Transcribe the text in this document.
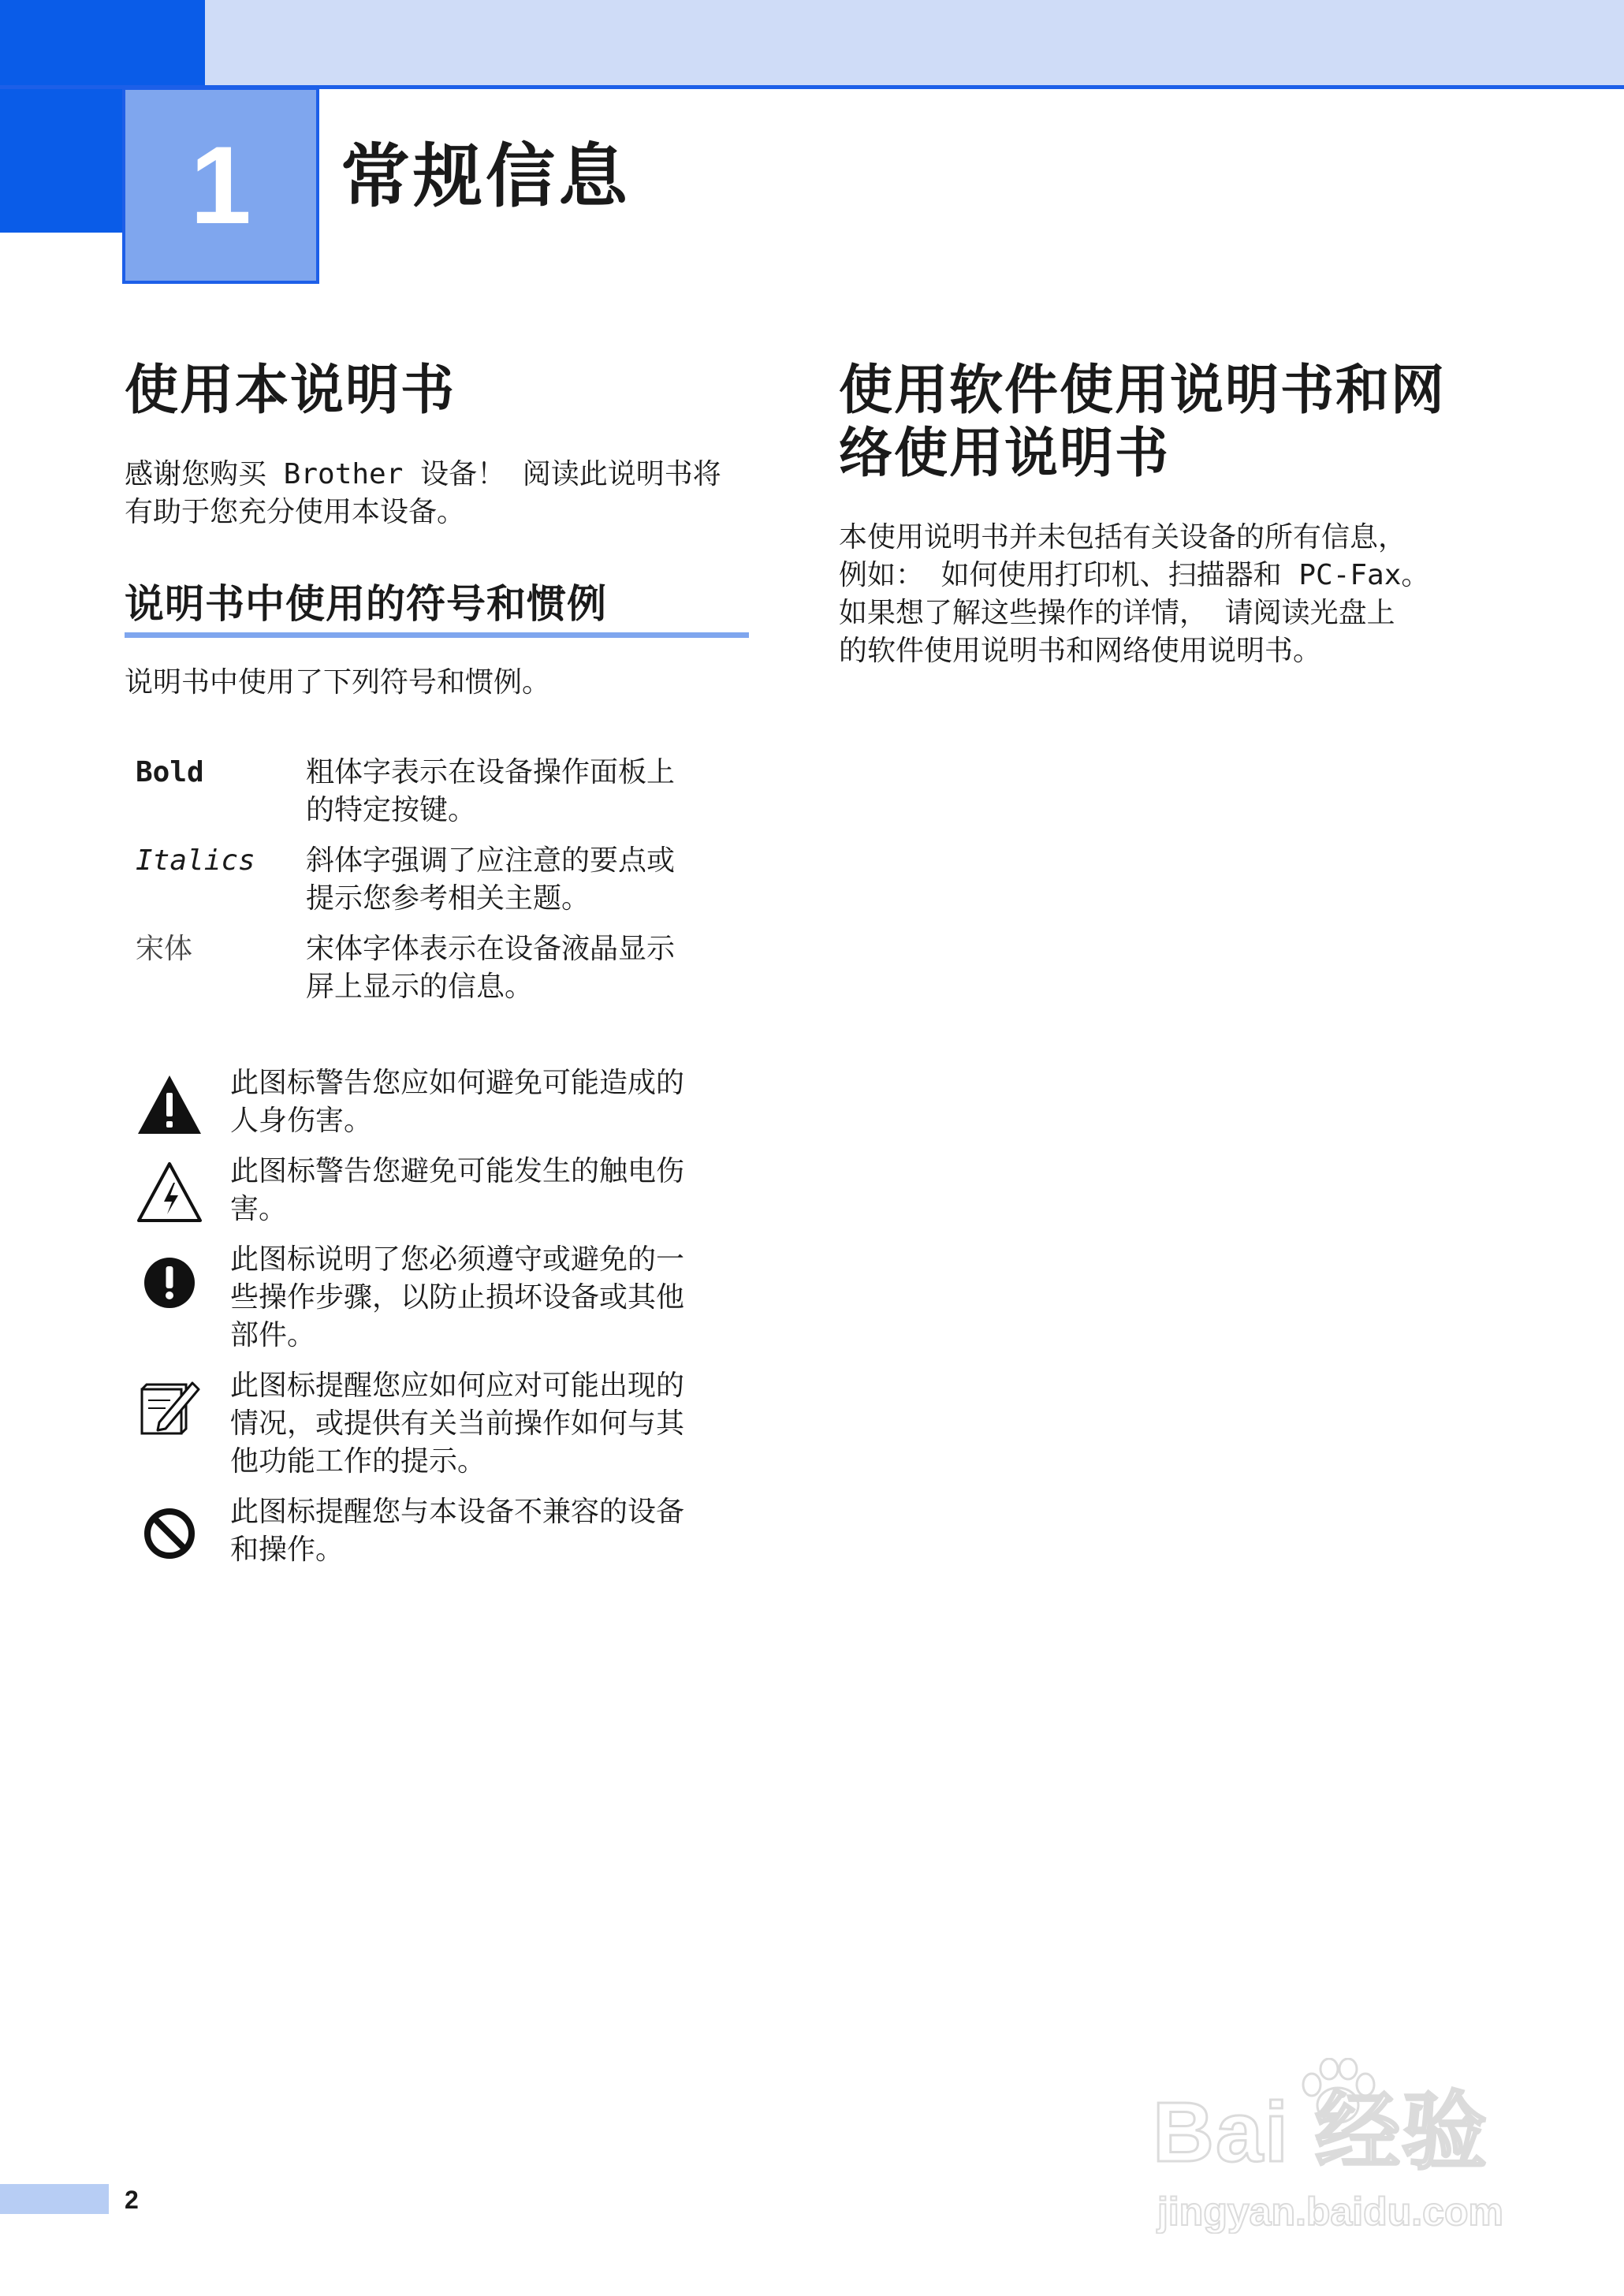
1 常规信息
使用本说明书
感谢您购买 Brother 设备！ 阅读此说明书将
有助于您充分使用本设备。
说明书中使用的符号和惯例
说明书中使用了下列符号和惯例。
Bold	粗体字表示在设备操作面板上
的特定按键。
Italics 斜体字强调了应注意的要点或
提示您参考相关主题。
宋体	宋体字体表示在设备液晶显示
屏上显示的信息。
此图标警告您应如何避免可能造成的
人身伤害。
此图标警告您避免可能发生的触电伤
害。
此图标说明了您必须遵守或避免的一
些操作步骤，以防止损坏设备或其他
部件。
此图标提醒您应如何应对可能出现的
情况，或提供有关当前操作如何与其
他功能工作的提示。
此图标提醒您与本设备不兼容的设备
和操作。
使用软件使用说明书和网
络使用说明书
本使用说明书并未包括有关设备的所有信息，
例如： 如何使用打印机、扫描器和 PC-Fax。
如果想了解这些操作的详情， 请阅读光盘上
的软件使用说明书和网络使用说明书。
2
Bai 经验
jingyan.baidu.com
